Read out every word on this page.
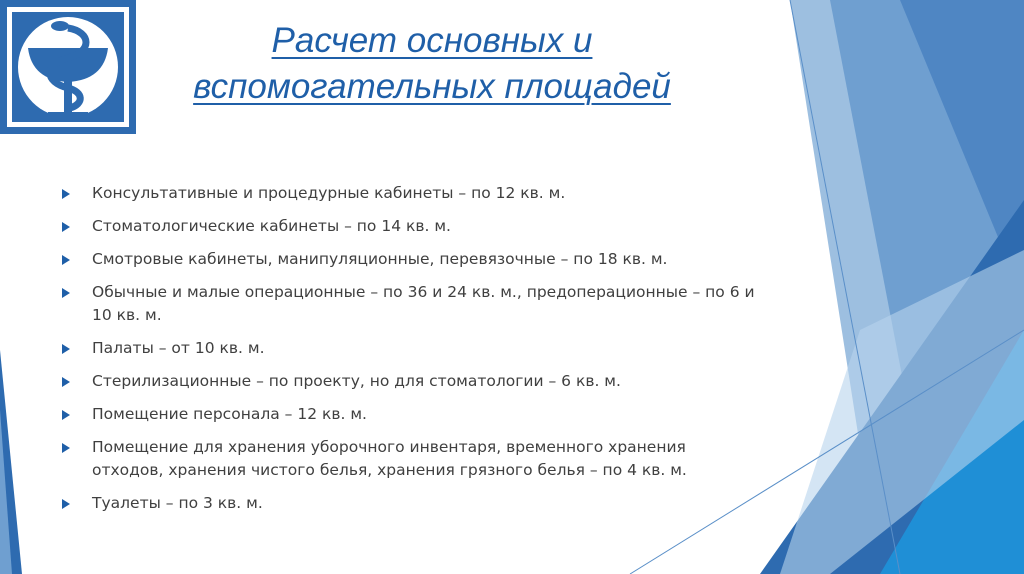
Расчет основных и
вспомогательных площадей
Консультативные и процедурные кабинеты – по 12 кв. м.
Стоматологические кабинеты – по 14 кв. м.
Смотровые кабинеты, манипуляционные, перевязочные – по 18 кв. м.
Обычные и малые операционные – по 36 и 24 кв. м., предоперационные – по 6 и 10 кв. м.
Палаты – от 10 кв. м.
Стерилизационные – по проекту, но для стоматологии – 6 кв. м.
Помещение персонала – 12 кв. м.
Помещение для хранения уборочного инвентаря, временного хранения отходов, хранения чистого белья, хранения грязного белья – по 4 кв. м.
Туалеты – по 3 кв. м.
